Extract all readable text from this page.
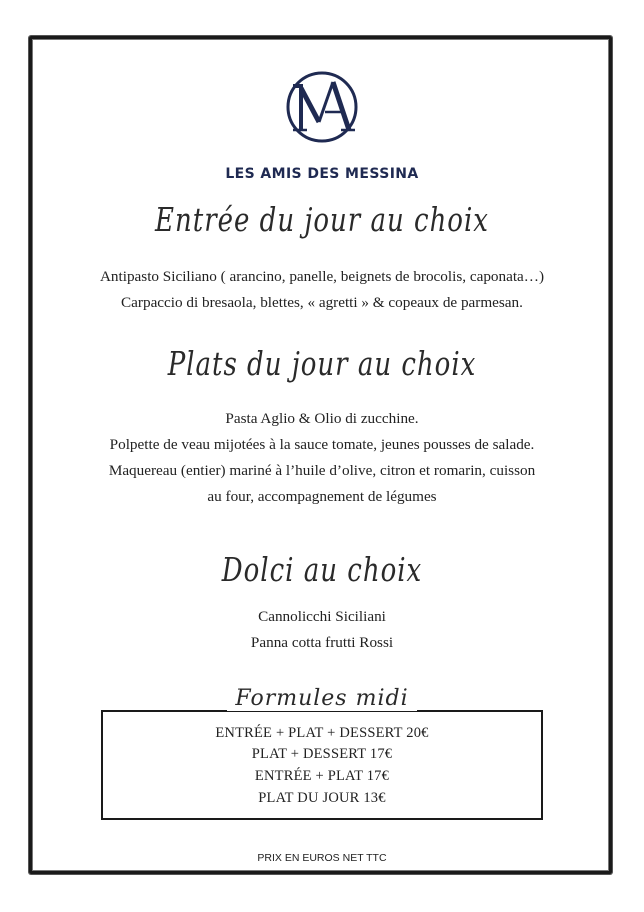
LES AMIS DES MESSINA
Entrée du jour au choix
Antipasto Siciliano ( arancino, panelle, beignets de brocolis, caponata…)
Carpaccio di bresaola, blettes, « agretti » & copeaux de parmesan.
Plats du jour au choix
Pasta Aglio & Olio di zucchine.
Polpette de veau mijotées à la sauce tomate, jeunes pousses de salade.
Maquereau (entier) mariné à l’huile d’olive, citron et romarin, cuisson
au four, accompagnement de légumes
Dolci au choix
Cannolicchi Siciliani
Panna cotta frutti Rossi
Formules midi
ENTRÉE + PLAT + DESSERT 20€
PLAT + DESSERT 17€
ENTRÉE + PLAT 17€
PLAT DU JOUR 13€
PRIX EN EUROS NET TTC
